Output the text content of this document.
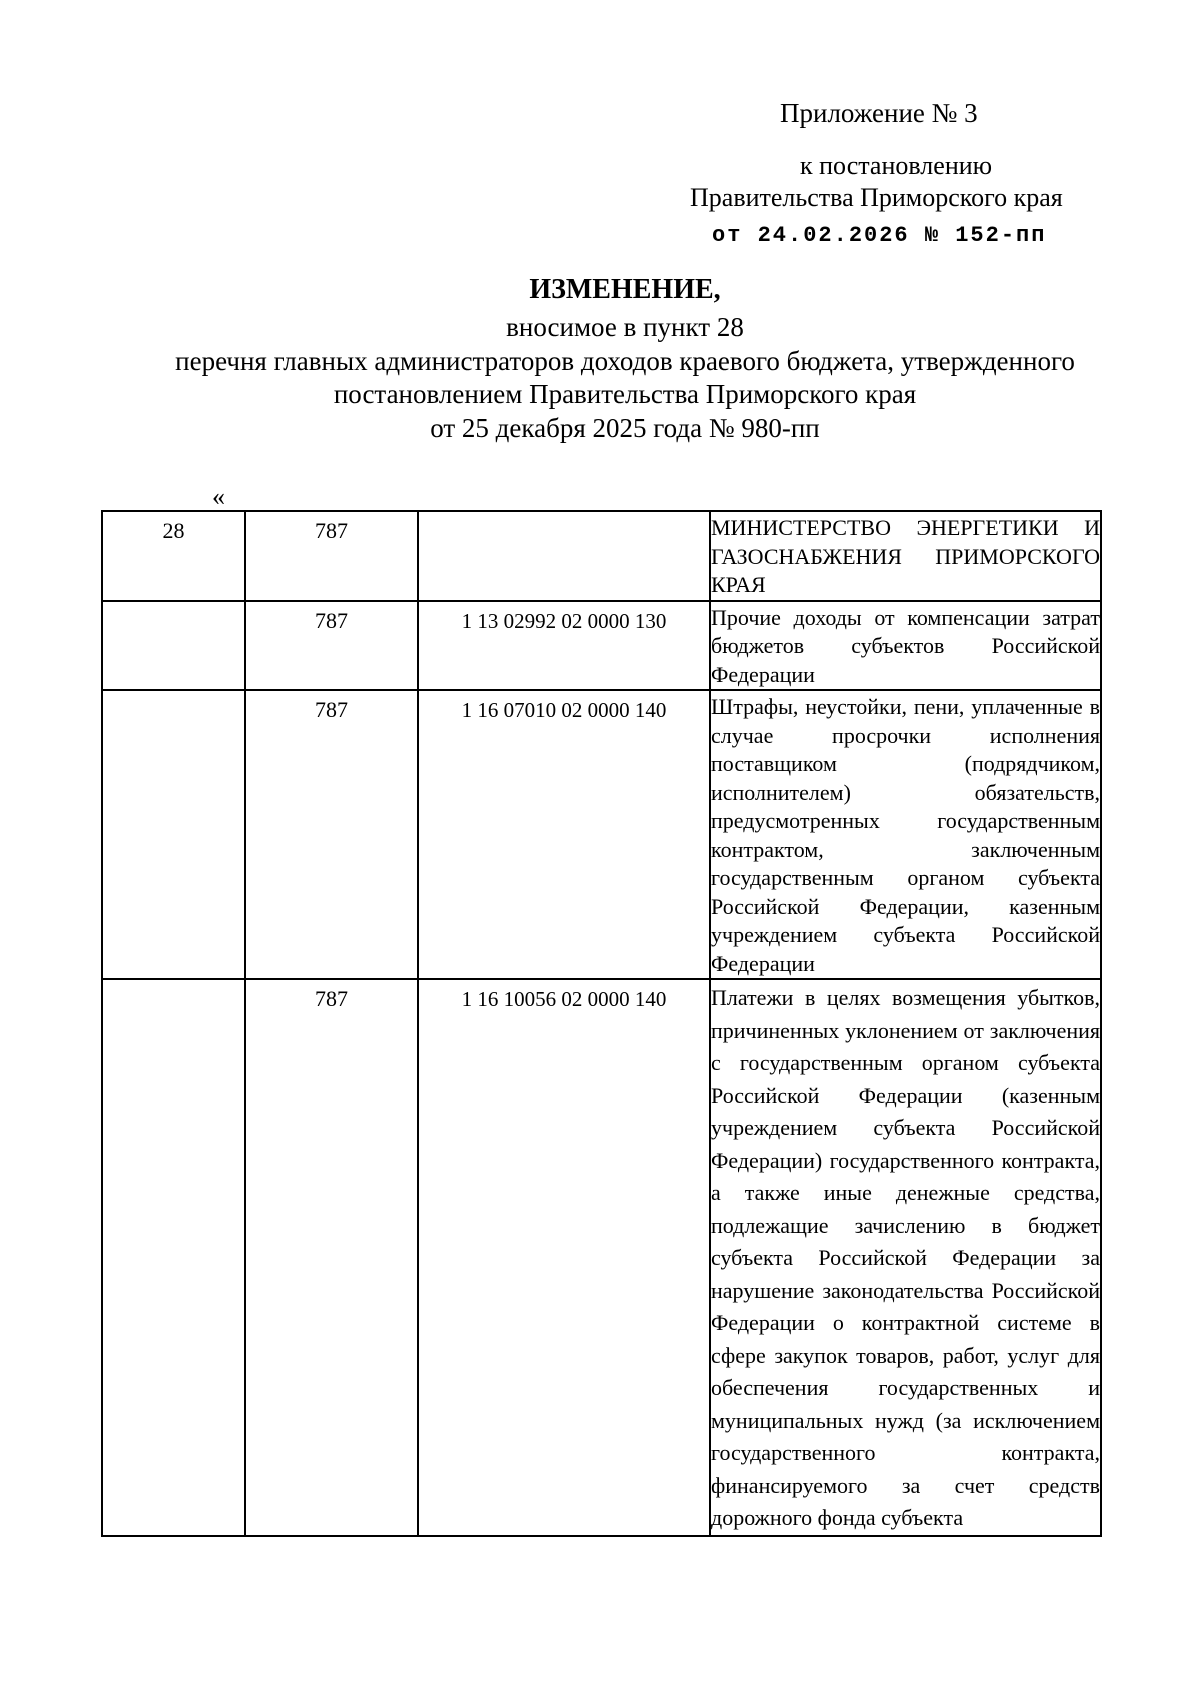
Приложение № 3
к постановлению
Правительства Приморского края
от 24.02.2026 № 152-пп
ИЗМЕНЕНИЕ,
вносимое в пункт 28
перечня главных администраторов доходов краевого бюджета, утвержденного
постановлением Правительства Приморского края
от 25 декабря 2025 года № 980-пп
«
28	787		МИНИСТЕРСТВО ЭНЕРГЕТИКИ И ГАЗОСНАБЖЕНИЯ ПРИМОРСКОГО КРАЯ
	787	1 13 02992 02 0000 130	Прочие доходы от компенсации затрат бюджетов субъектов Российской Федерации
	787	1 16 07010 02 0000 140	Штрафы, неустойки, пени, уплаченные в случае просрочки исполнения поставщиком (подрядчиком, исполнителем) обязательств, предусмотренных государственным контрактом, заключенным государственным органом субъекта Российской Федерации, казенным учреждением субъекта Российской Федерации
	787	1 16 10056 02 0000 140	Платежи в целях возмещения убытков, причиненных уклонением от заключения с государственным органом субъекта Российской Федерации (казенным учреждением субъекта Российской Федерации) государственного контракта, а также иные денежные средства, подлежащие зачислению в бюджет субъекта Российской Федерации за нарушение законодательства Российской Федерации о контрактной системе в сфере закупок товаров, работ, услуг для обеспечения государственных и муниципальных нужд (за исключением государственного контракта, финансируемого за счет средств дорожного фонда субъекта
